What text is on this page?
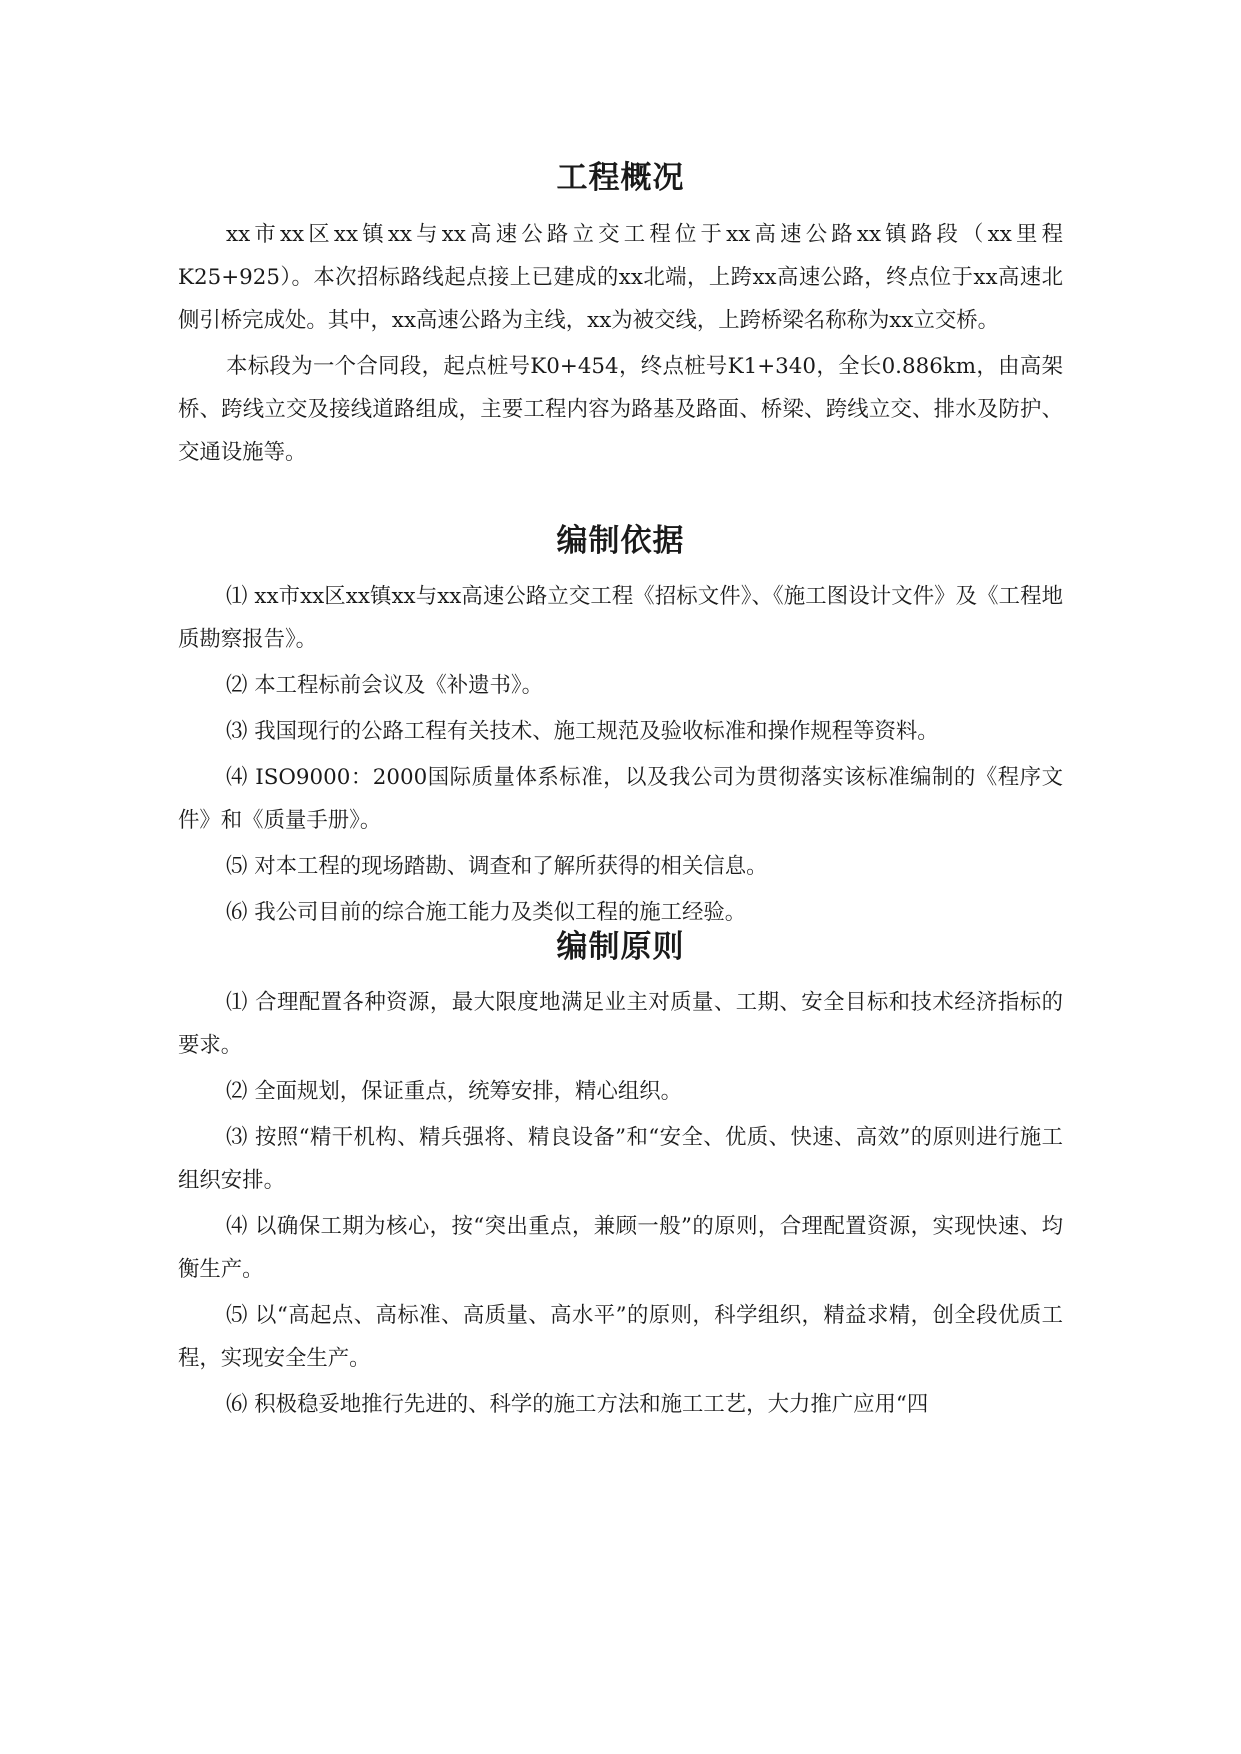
工程概况

xx市xx区xx镇xx与xx高速公路立交工程位于xx高速公路xx镇路段（xx里程K25+925）。本次招标路线起点接上已建成的xx北端，上跨xx高速公路，终点位于xx高速北侧引桥完成处。其中，xx高速公路为主线，xx为被交线，上跨桥梁名称称为xx立交桥。

本标段为一个合同段，起点桩号K0+454，终点桩号K1+340，全长0.886km，由高架桥、跨线立交及接线道路组成，主要工程内容为路基及路面、桥梁、跨线立交、排水及防护、交通设施等。

编制依据

⑴ xx市xx区xx镇xx与xx高速公路立交工程《招标文件》、《施工图设计文件》及《工程地质勘察报告》。

⑵ 本工程标前会议及《补遗书》。

⑶ 我国现行的公路工程有关技术、施工规范及验收标准和操作规程等资料。

⑷ ISO9000：2000国际质量体系标准，以及我公司为贯彻落实该标准编制的《程序文件》和《质量手册》。

⑸ 对本工程的现场踏勘、调查和了解所获得的相关信息。

⑹ 我公司目前的综合施工能力及类似工程的施工经验。

编制原则

⑴ 合理配置各种资源，最大限度地满足业主对质量、工期、安全目标和技术经济指标的要求。

⑵ 全面规划，保证重点，统筹安排，精心组织。

⑶ 按照“精干机构、精兵强将、精良设备”和“安全、优质、快速、高效”的原则进行施工组织安排。

⑷ 以确保工期为核心，按“突出重点，兼顾一般”的原则，合理配置资源，实现快速、均衡生产。

⑸ 以“高起点、高标准、高质量、高水平”的原则，科学组织，精益求精，创全段优质工程，实现安全生产。

⑹ 积极稳妥地推行先进的、科学的施工方法和施工工艺，大力推广应用“四
